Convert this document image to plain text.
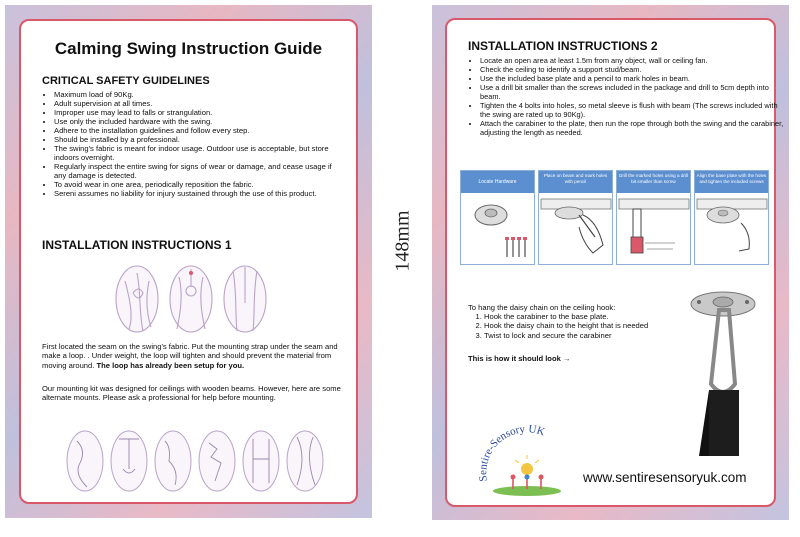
Calming Swing Instruction Guide
CRITICAL SAFETY GUIDELINES
• Maximum load of 90Kg.
• Adult supervision at all times.
• Improper use may lead to falls or strangulation.
• Use only the included hardware with the swing.
• Adhere to the installation guidelines and follow every step.
• Should be installed by a professional.
• The swing's fabric is meant for indoor usage. Outdoor use is acceptable, but store indoors overnight.
• Regularly inspect the entire swing for signs of wear or damage, and cease usage if any damage is detected.
• To avoid wear in one area, periodically reposition the fabric.
• Sereni assumes no liability for injury sustained through the use of this product.
INSTALLATION INSTRUCTIONS 1

First located the seam on the swing's fabric. Put the mounting strap under the seam and make a loop. . Under weight, the loop will tighten and should prevent the material from moving around. The loop has already been setup for you.

Our mounting kit was designed for ceilings with wooden beams. However, here are some alternate mounts. Please ask a professional for help before mounting.

148mm
INSTALLATION INSTRUCTIONS 2
• Locate an open area at least 1.5m from any object, wall or ceiling fan.
• Check the ceiling to identify a support stud/beam.
• Use the included base plate and a pencil to mark holes in beam.
• Use a drill bit smaller than the screws included in the package and drill to 5cm depth into beam.
• Tighten the 4 bolts into holes, so metal sleeve is flush with beam (The screws included with the swing are rated up to 90Kg).
• Attach the carabiner to the plate, then run the rope through both the swing and the carabiner, adjusting the length as needed.
Locate Hardware
Place on beam and mark holes with pencil
Drill the marked holes using a drill bit smaller than screw
Align the base plate with the holes and tighten the included screws

To hang the daisy chain on the ceiling hook:

1. Hook the carabiner to the base plate.
2. Hook the daisy chain to the height that is needed
3. Twist to lock and secure the carabiner
This is how it should look →
Sentire-Sensory UK
www.sentiresensoryuk.com
